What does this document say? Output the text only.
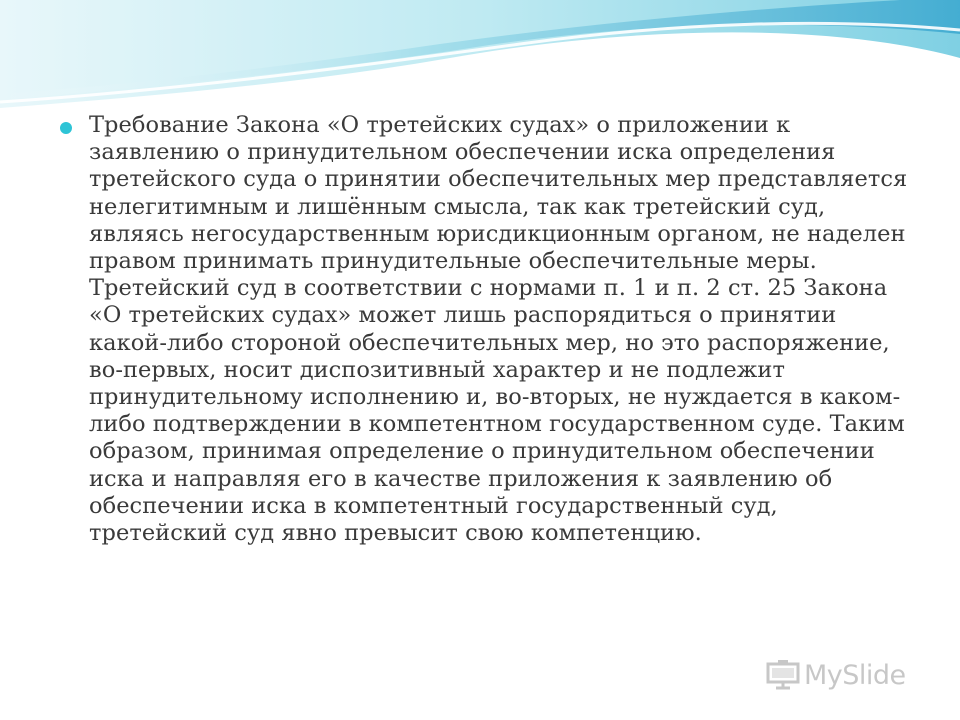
Требование Закона «О третейских судах» о приложении к заявлению о принудительном обеспечении иска определения третейского суда о принятии обеспечительных мер представляется нелегитимным и лишённым смысла, так как третейский суд, являясь негосударственным юрисдикционным органом, не наделен правом принимать принудительные обеспечительные меры. Третейский суд в соответствии с нормами п. 1 и п. 2 ст. 25 Закона «О третейских судах» может лишь распорядиться о принятии какой-либо стороной обеспечительных мер, но это распоряжение, во-первых, носит диспозитивный характер и не подлежит принудительному исполнению и, во-вторых, не нуждается в каком-либо подтверждении в компетентном государственном суде. Таким образом, принимая определение о принудительном обеспечении иска и направляя его в качестве приложения к заявлению об обеспечении иска в компетентный государственный суд, третейский суд явно превысит свою компетенцию.
MySlide
